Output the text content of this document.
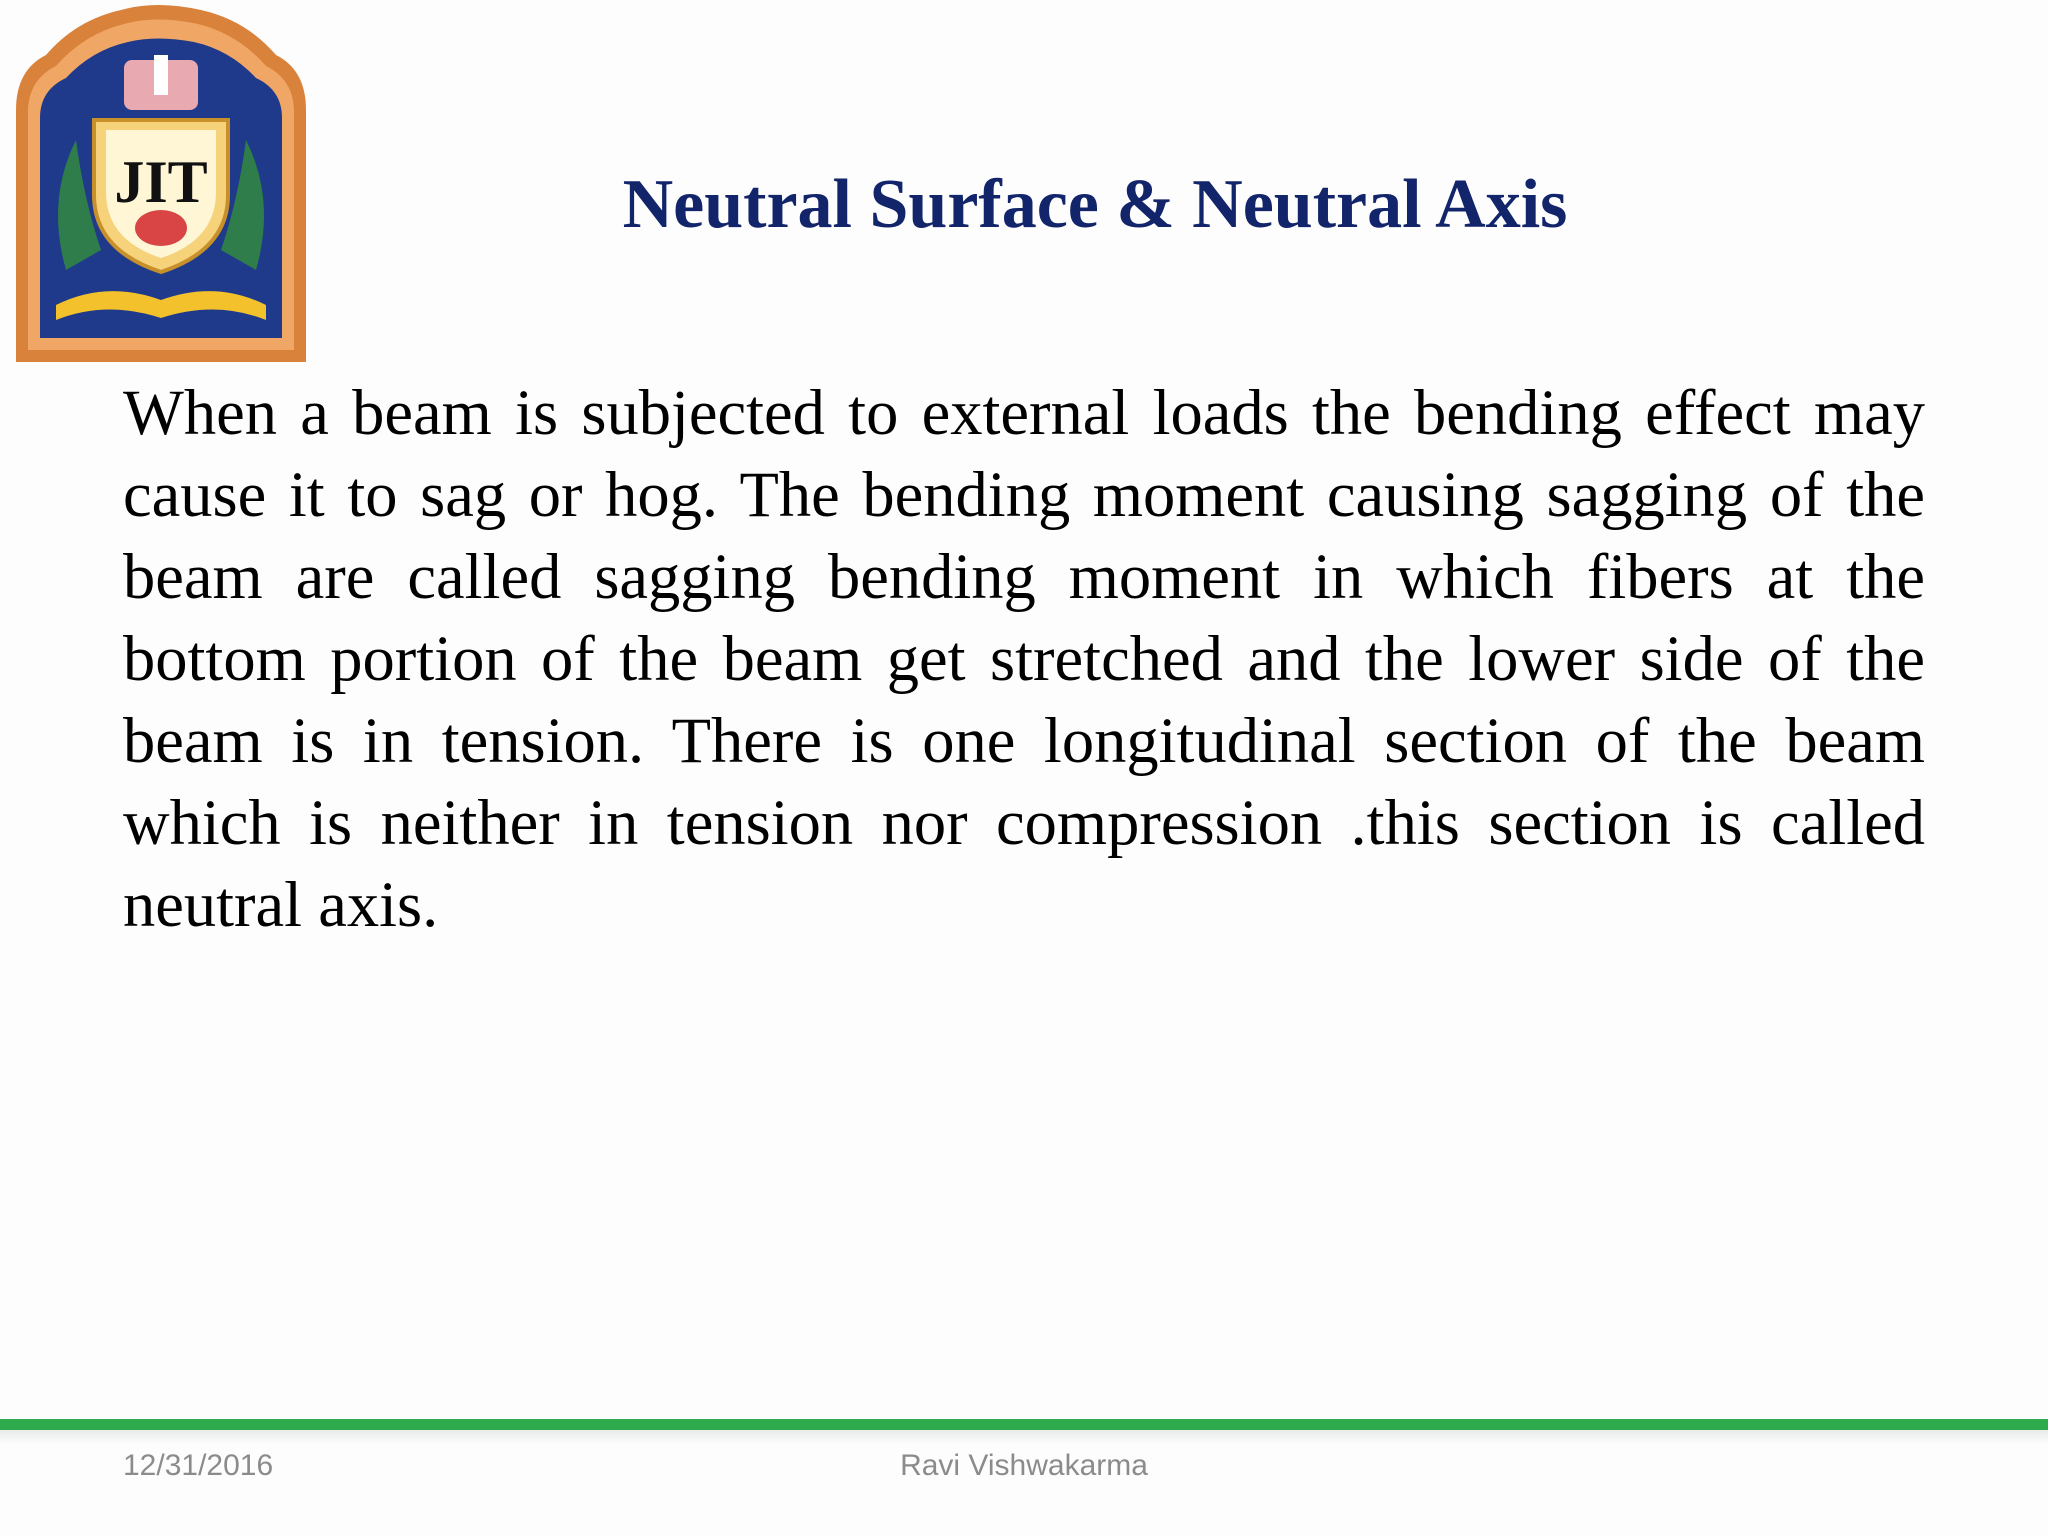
JIT	Neutral Surface & Neutral Axis

When a beam is subjected to external loads the bending effect may cause it to sag or hog. The bending moment causing sagging of the beam are called sagging bending moment in which fibers at the bottom portion of the beam get stretched and the lower side of the beam is in tension. There is one longitudinal section of the beam which is neither in tension nor compression .this section is called neutral axis.

12/31/2016	Ravi Vishwakarma
